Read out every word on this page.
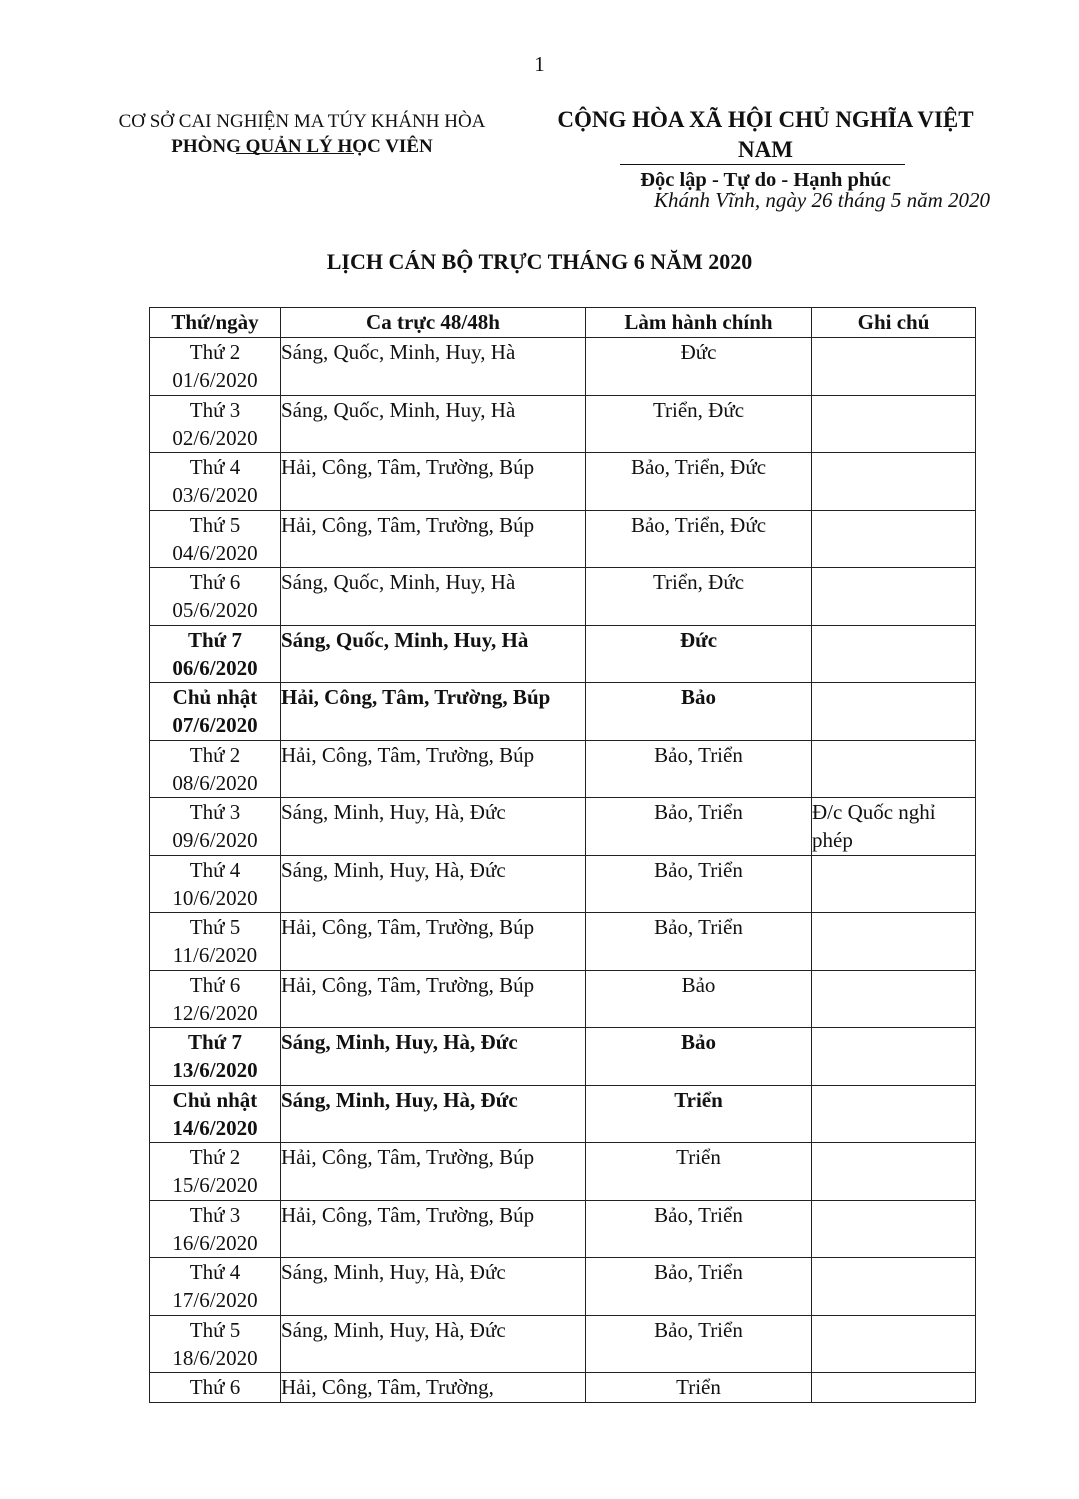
1
CƠ SỞ CAI NGHIỆN MA TÚY KHÁNH HÒA
PHÒNG QUẢN LÝ HỌC VIÊN
CỘNG HÒA XÃ HỘI CHỦ NGHĨA VIỆT NAM
Độc lập - Tự do - Hạnh phúc
Khánh Vĩnh, ngày 26 tháng 5 năm 2020
LỊCH CÁN BỘ TRỰC THÁNG 6 NĂM 2020
Thứ/ngày	Ca trực 48/48h	Làm hành chính	Ghi chú

Thứ 2
01/6/2020	Sáng, Quốc, Minh, Huy, Hà	Đức	

Thứ 3
02/6/2020	Sáng, Quốc, Minh, Huy, Hà	Triển, Đức	

Thứ 4
03/6/2020	Hải, Công, Tâm, Trường, Búp	Bảo, Triển, Đức	

Thứ 5
04/6/2020	Hải, Công, Tâm, Trường, Búp	Bảo, Triển, Đức	

Thứ 6
05/6/2020	Sáng, Quốc, Minh, Huy, Hà	Triển, Đức	

Thứ 7
06/6/2020	Sáng, Quốc, Minh, Huy, Hà	Đức	

Chủ nhật
07/6/2020	Hải, Công, Tâm, Trường, Búp	Bảo	

Thứ 2
08/6/2020	Hải, Công, Tâm, Trường, Búp	Bảo, Triển	

Thứ 3
09/6/2020	Sáng, Minh, Huy, Hà, Đức	Bảo, Triển	Đ/c Quốc nghỉ phép

Thứ 4
10/6/2020	Sáng, Minh, Huy, Hà, Đức	Bảo, Triển	

Thứ 5
11/6/2020	Hải, Công, Tâm, Trường, Búp	Bảo, Triển	

Thứ 6
12/6/2020	Hải, Công, Tâm, Trường, Búp	Bảo	

Thứ 7
13/6/2020	Sáng, Minh, Huy, Hà, Đức	Bảo	

Chủ nhật
14/6/2020	Sáng, Minh, Huy, Hà, Đức	Triển	

Thứ 2
15/6/2020	Hải, Công, Tâm, Trường, Búp	Triển	

Thứ 3
16/6/2020	Hải, Công, Tâm, Trường, Búp	Bảo, Triển	

Thứ 4
17/6/2020	Sáng, Minh, Huy, Hà, Đức	Bảo, Triển	

Thứ 5
18/6/2020	Sáng, Minh, Huy, Hà, Đức	Bảo, Triển	

Thứ 6	Hải, Công, Tâm, Trường,	Triển	
